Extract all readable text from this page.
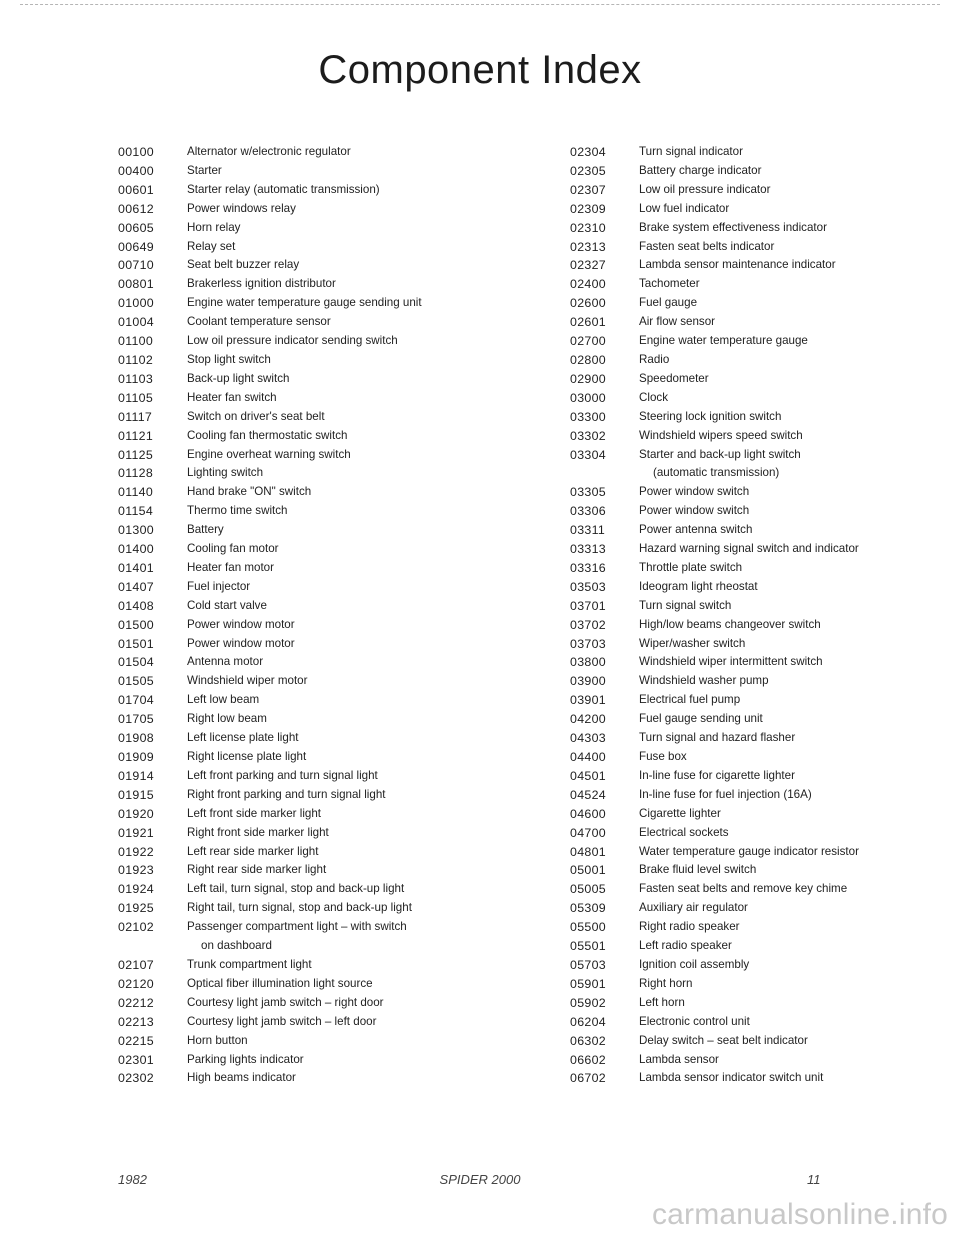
Component Index
00100	Alternator w/electronic regulator
00400	Starter
00601	Starter relay (automatic transmission)
00612	Power windows relay
00605	Horn relay
00649	Relay set
00710	Seat belt buzzer relay
00801	Brakerless ignition distributor
01000	Engine water temperature gauge sending unit
01004	Coolant temperature sensor
01100	Low oil pressure indicator sending switch
01102	Stop light switch
01103	Back-up light switch
01105	Heater fan switch
01117	Switch on driver's seat belt
01121	Cooling fan thermostatic switch
01125	Engine overheat warning switch
01128	Lighting switch
01140	Hand brake "ON" switch
01154	Thermo time switch
01300	Battery
01400	Cooling fan motor
01401	Heater fan motor
01407	Fuel injector
01408	Cold start valve
01500	Power window motor
01501	Power window motor
01504	Antenna motor
01505	Windshield wiper motor
01704	Left low beam
01705	Right low beam
01908	Left license plate light
01909	Right license plate light
01914	Left front parking and turn signal light
01915	Right front parking and turn signal light
01920	Left front side marker light
01921	Right front side marker light
01922	Left rear side marker light
01923	Right rear side marker light
01924	Left tail, turn signal, stop and back-up light
01925	Right tail, turn signal, stop and back-up light
02102	Passenger compartment light – with switch
on dashboard
02107	Trunk compartment light
02120	Optical fiber illumination light source
02212	Courtesy light jamb switch – right door
02213	Courtesy light jamb switch – left door
02215	Horn button
02301	Parking lights indicator
02302	High beams indicator
02304	Turn signal indicator
02305	Battery charge indicator
02307	Low oil pressure indicator
02309	Low fuel indicator
02310	Brake system effectiveness indicator
02313	Fasten seat belts indicator
02327	Lambda sensor maintenance indicator
02400	Tachometer
02600	Fuel gauge
02601	Air flow sensor
02700	Engine water temperature gauge
02800	Radio
02900	Speedometer
03000	Clock
03300	Steering lock ignition switch
03302	Windshield wipers speed switch
03304	Starter and back-up light switch
(automatic transmission)
03305	Power window switch
03306	Power window switch
03311	Power antenna switch
03313	Hazard warning signal switch and indicator
03316	Throttle plate switch
03503	Ideogram light rheostat
03701	Turn signal switch
03702	High/low beams changeover switch
03703	Wiper/washer switch
03800	Windshield wiper intermittent switch
03900	Windshield washer pump
03901	Electrical fuel pump
04200	Fuel gauge sending unit
04303	Turn signal and hazard flasher
04400	Fuse box
04501	In-line fuse for cigarette lighter
04524	In-line fuse for fuel injection (16A)
04600	Cigarette lighter
04700	Electrical sockets
04801	Water temperature gauge indicator resistor
05001	Brake fluid level switch
05005	Fasten seat belts and remove key chime
05309	Auxiliary air regulator
05500	Right radio speaker
05501	Left radio speaker
05703	Ignition coil assembly
05901	Right horn
05902	Left horn
06204	Electronic control unit
06302	Delay switch – seat belt indicator
06602	Lambda sensor
06702	Lambda sensor indicator switch unit
1982	SPIDER 2000	11
carmanualsonline.info
